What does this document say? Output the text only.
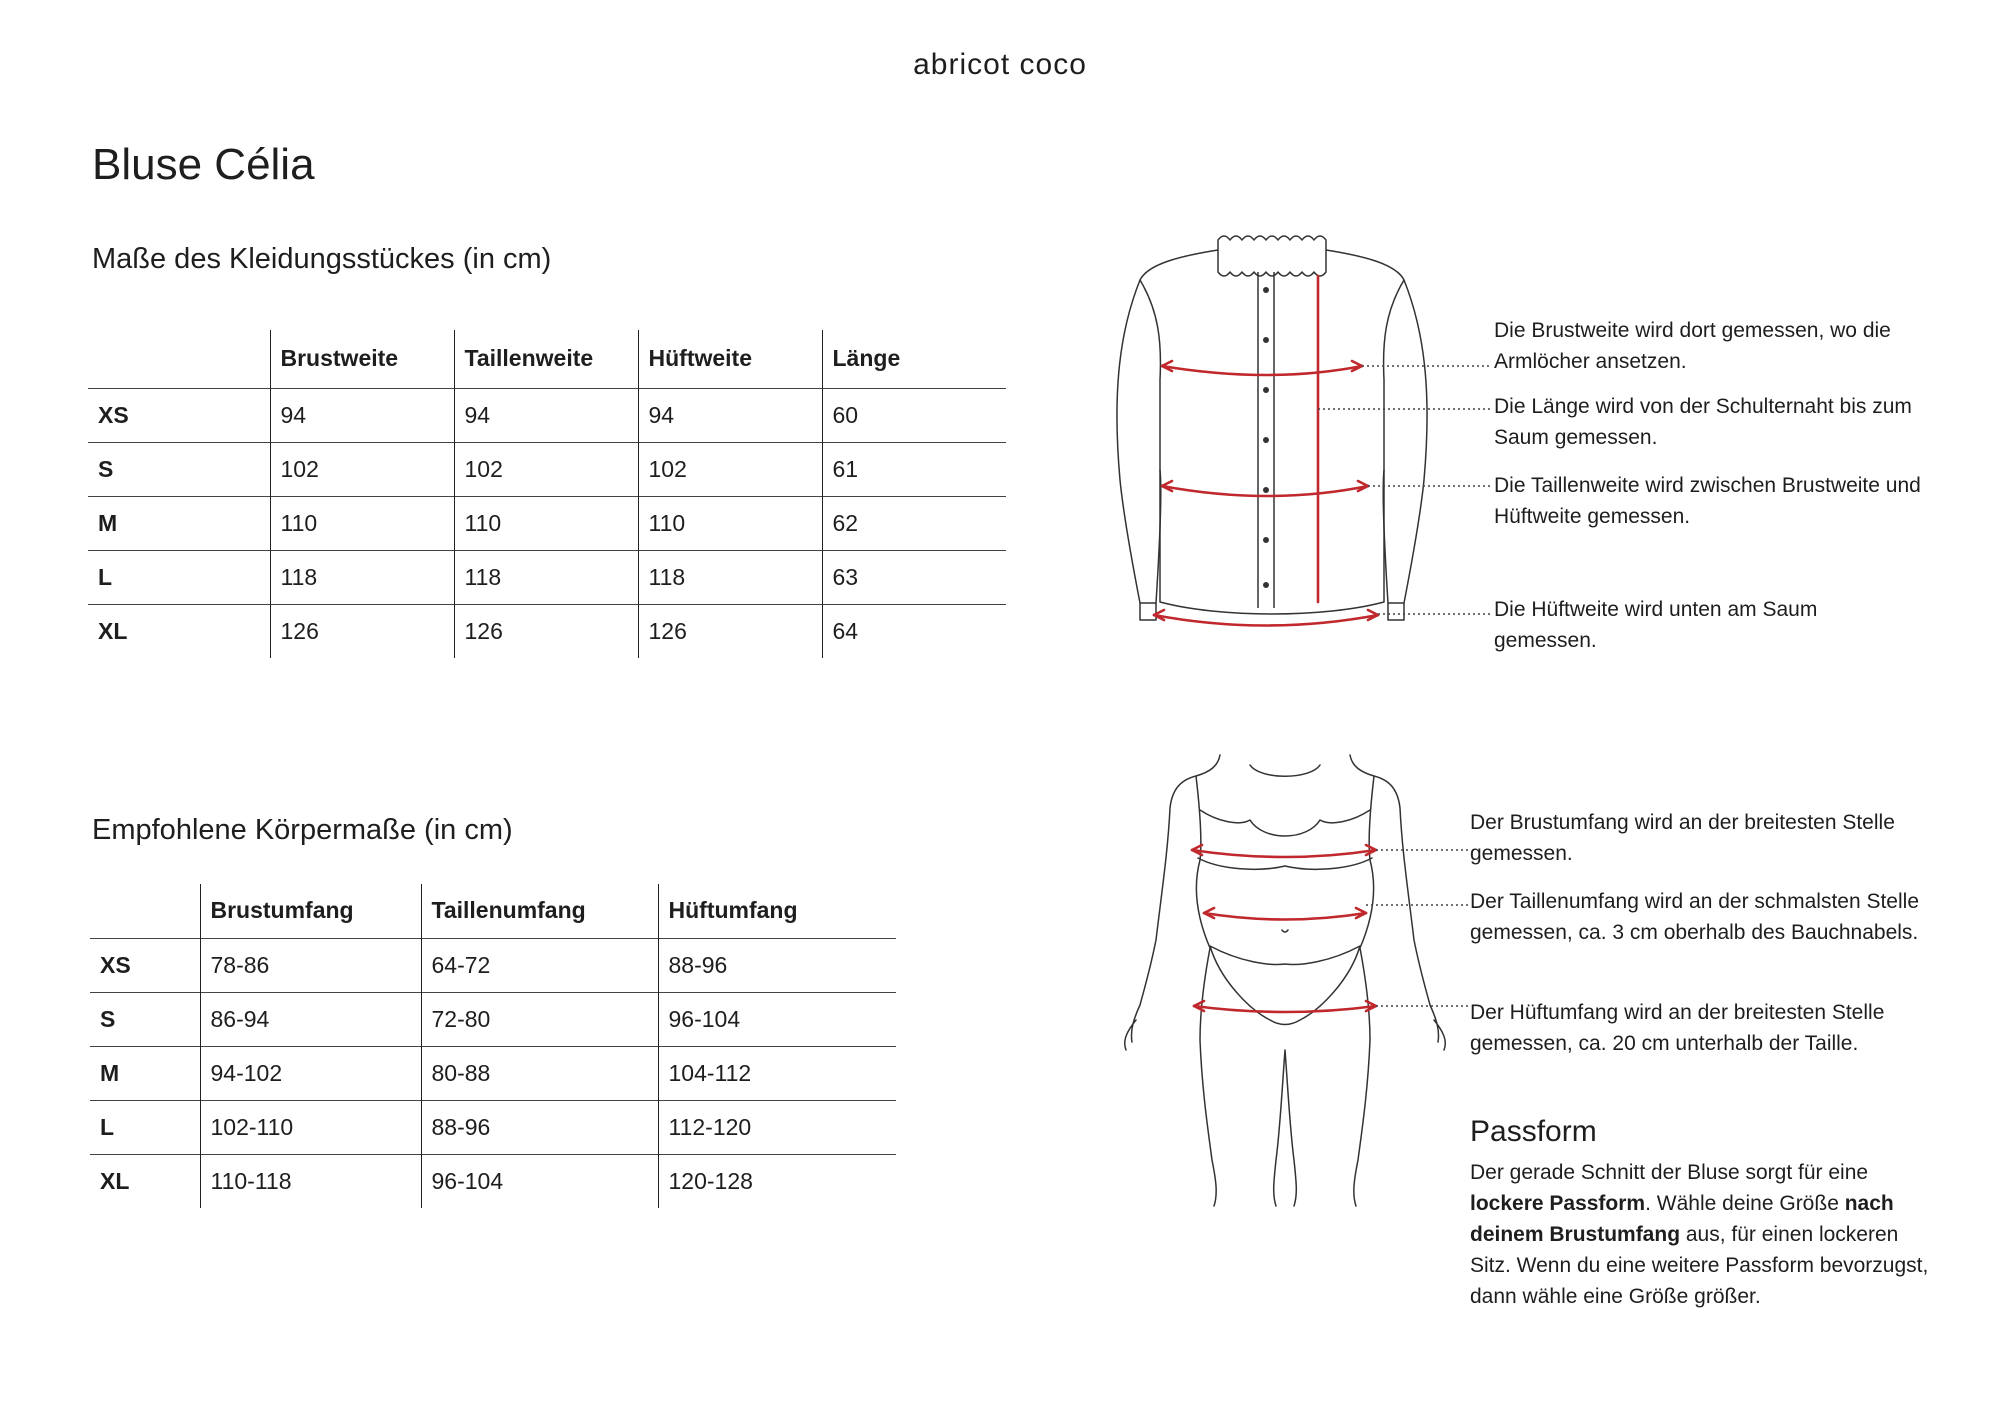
abricot coco
Bluse Célia
Maße des Kleidungsstückes (in cm)
	Brustweite	Taillenweite	Hüftweite	Länge
XS	94	94	94	60
S	102	102	102	61
M	110	110	110	62
L	118	118	118	63
XL	126	126	126	64
Empfohlene Körpermaße (in cm)
	Brustumfang	Taillenumfang	Hüftumfang
XS	78-86	64-72	88-96
S	86-94	72-80	96-104
M	94-102	80-88	104-112
L	102-110	88-96	112-120
XL	110-118	96-104	120-128
Die Brustweite wird dort gemessen, wo die Armlöcher ansetzen.
Die Länge wird von der Schulternaht bis zum Saum gemessen.
Die Taillenweite wird zwischen Brustweite und Hüftweite gemessen.
Die Hüftweite wird unten am Saum gemessen.
Der Brustumfang wird an der breitesten Stelle gemessen.
Der Taillenumfang wird an der schmalsten Stelle gemessen, ca. 3 cm oberhalb des Bauchnabels.
Der Hüftumfang wird an der breitesten Stelle gemessen, ca. 20 cm unterhalb der Taille.
Passform
Der gerade Schnitt der Bluse sorgt für eine lockere Passform. Wähle deine Größe nach deinem Brustumfang aus, für einen lockeren Sitz. Wenn du eine weitere Passform bevorzugst, dann wähle eine Größe größer.
